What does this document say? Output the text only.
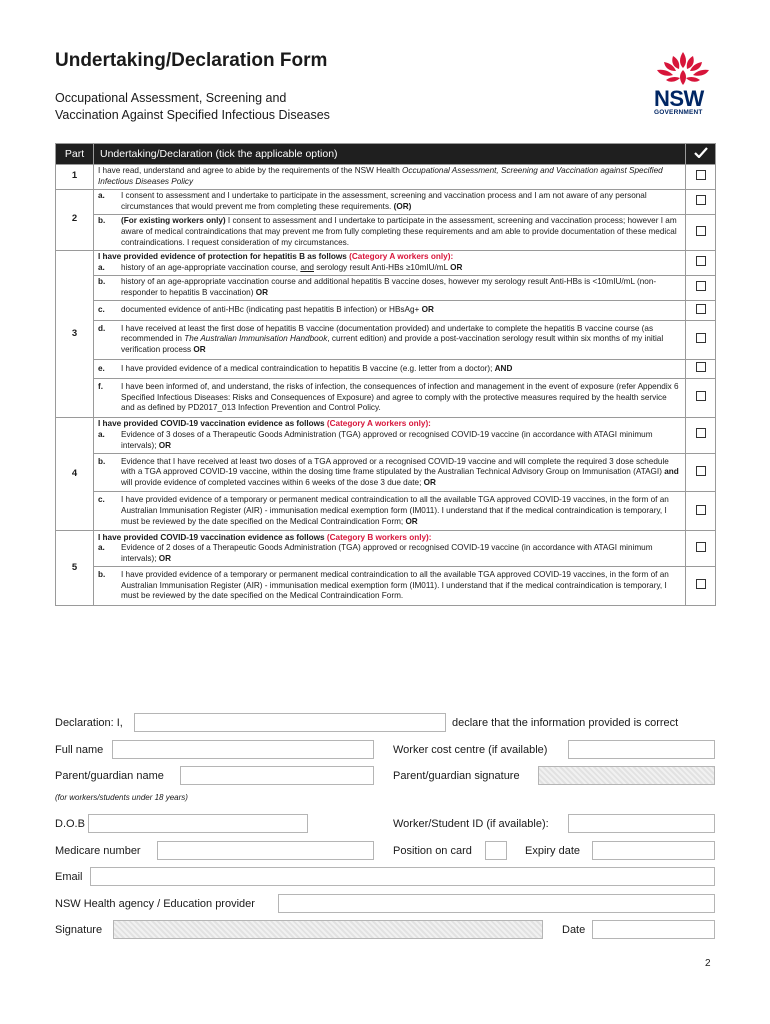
Undertaking/Declaration Form
Occupational Assessment, Screening and
Vaccination Against Specified Infectious Diseases
NSW
GOVERNMENT
Part	Undertaking/Declaration (tick the applicable option)	
1	I have read, understand and agree to abide by the requirements of the NSW Health Occupational Assessment, Screening and Vaccination against Specified Infectious Diseases Policy	
2	a. I consent to assessment and I undertake to participate in the assessment, screening and vaccination process and I am not aware of any personal circumstances that would prevent me from completing these requirements. (OR)	

	b. (For existing workers only) I consent to assessment and I undertake to participate in the assessment, screening and vaccination process; however I am aware of medical contraindications that may prevent me from fully completing these requirements and am able to provide documentation of these medical contraindications. I request consideration of my circumstances.	

3	I have provided evidence of protection for hepatitis B as follows (Category A workers only):
a. history of an age-appropriate vaccination course, and serology result Anti-HBs ≥10mIU/mL OR	

	b. history of an age-appropriate vaccination course and additional hepatitis B vaccine doses, however my serology result Anti-HBs is <10mIU/mL (non-responder to hepatitis B vaccination) OR	

	c. documented evidence of anti-HBc (indicating past hepatitis B infection) or HBsAg+ OR	

	d. I have received at least the first dose of hepatitis B vaccine (documentation provided) and undertake to complete the hepatitis B vaccine course (as recommended in The Australian Immunisation Handbook, current edition) and provide a post-vaccination serology result within six months of my initial verification process OR	

	e. I have provided evidence of a medical contraindication to hepatitis B vaccine (e.g. letter from a doctor); AND	

	f. I have been informed of, and understand, the risks of infection, the consequences of infection and management in the event of exposure (refer Appendix 6 Specified Infectious Diseases: Risks and Consequences of Exposure) and agree to comply with the protective measures required by the health service and as defined by PD2017_013 Infection Prevention and Control Policy.	

4	I have provided COVID-19 vaccination evidence as follows (Category A workers only):
a. Evidence of 3 doses of a Therapeutic Goods Administration (TGA) approved or recognised COVID-19 vaccine (in accordance with ATAGI minimum intervals); OR	

	b. Evidence that I have received at least two doses of a TGA approved or a recognised COVID-19 vaccine and will complete the required 3 dose schedule with a TGA approved COVID-19 vaccine, within the dosing time frame stipulated by the Australian Technical Advisory Group on Immunisation (ATAGI) and will provide evidence of completed vaccines within 6 weeks of the dose 3 due date; OR	

	c. I have provided evidence of a temporary or permanent medical contraindication to all the available TGA approved COVID-19 vaccines, in the form of an Australian Immunisation Register (AIR) - immunisation medical exemption form (IM011). I understand that if the medical contraindication is temporary, I must be reviewed by the date specified on the Medical Contraindication Form; OR	

5	I have provided COVID-19 vaccination evidence as follows (Category B workers only):
a. Evidence of 2 doses of a Therapeutic Goods Administration (TGA) approved or recognised COVID-19 vaccine (in accordance with ATAGI minimum intervals); OR	

	b. I have provided evidence of a temporary or permanent medical contraindication to all the available TGA approved COVID-19 vaccines, in the form of an Australian Immunisation Register (AIR) - immunisation medical exemption form (IM011). I understand that if the medical contraindication is temporary, I must be reviewed by the date specified on the Medical Contraindication Form.	

Declaration: I,	declare that the information provided is correct
Full name	Worker cost centre (if available)
Parent/guardian name	Parent/guardian signature
(for workers/students under 18 years)
D.O.B	Worker/Student ID (if available):
Medicare number	Position on card	Expiry date
Email
NSW Health agency / Education provider
Signature	Date
2
